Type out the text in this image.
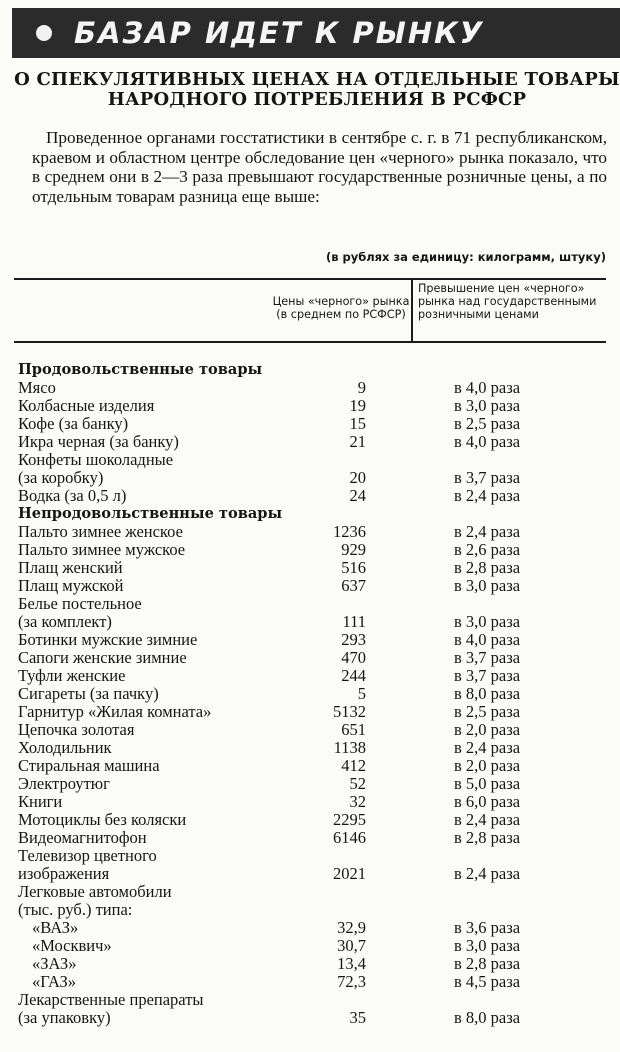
БАЗАР ИДЕТ К РЫНКУ
О СПЕКУЛЯТИВНЫХ ЦЕНАХ НА ОТДЕЛЬНЫЕ ТОВАРЫ
НАРОДНОГО ПОТРЕБЛЕНИЯ В РСФСР
Проведенное органами госстатистики в сентябре с. г. в 71 республиканском, краевом и областном центре обследование цен «черного» рынка показало, что в среднем они в 2—3 раза превышают государственные розничные цены, а по отдельным товарам разница еще выше:
(в рублях за единицу: килограмм, штуку)
Цены «черного» рынка (в среднем по РСФСР)
Превышение цен «черного» рынка над государственными розничными ценами
Продовольственные товары
Мясо	9	в 4,0 раза
Колбасные изделия	19	в 3,0 раза
Кофе (за банку)	15	в 2,5 раза
Икра черная (за банку)	21	в 4,0 раза
Конфеты шоколадные
(за коробку)	20	в 3,7 раза
Водка (за 0,5 л)	24	в 2,4 раза
Непродовольственные товары
Пальто зимнее женское	1236	в 2,4 раза
Пальто зимнее мужское	929	в 2,6 раза
Плащ женский	516	в 2,8 раза
Плащ мужской	637	в 3,0 раза
Белье постельное
(за комплект)	111	в 3,0 раза
Ботинки мужские зимние	293	в 4,0 раза
Сапоги женские зимние	470	в 3,7 раза
Туфли женские	244	в 3,7 раза
Сигареты (за пачку)	5	в 8,0 раза
Гарнитур «Жилая комната»	5132	в 2,5 раза
Цепочка золотая	651	в 2,0 раза
Холодильник	1138	в 2,4 раза
Стиральная машина	412	в 2,0 раза
Электроутюг	52	в 5,0 раза
Книги	32	в 6,0 раза
Мотоциклы без коляски	2295	в 2,4 раза
Видеомагнитофон	6146	в 2,8 раза
Телевизор цветного
изображения	2021	в 2,4 раза
Легковые автомобили
(тыс. руб.) типа:
«ВАЗ»	32,9	в 3,6 раза
«Москвич»	30,7	в 3,0 раза
«ЗАЗ»	13,4	в 2,8 раза
«ГАЗ»	72,3	в 4,5 раза
Лекарственные препараты
(за упаковку)	35	в 8,0 раза
